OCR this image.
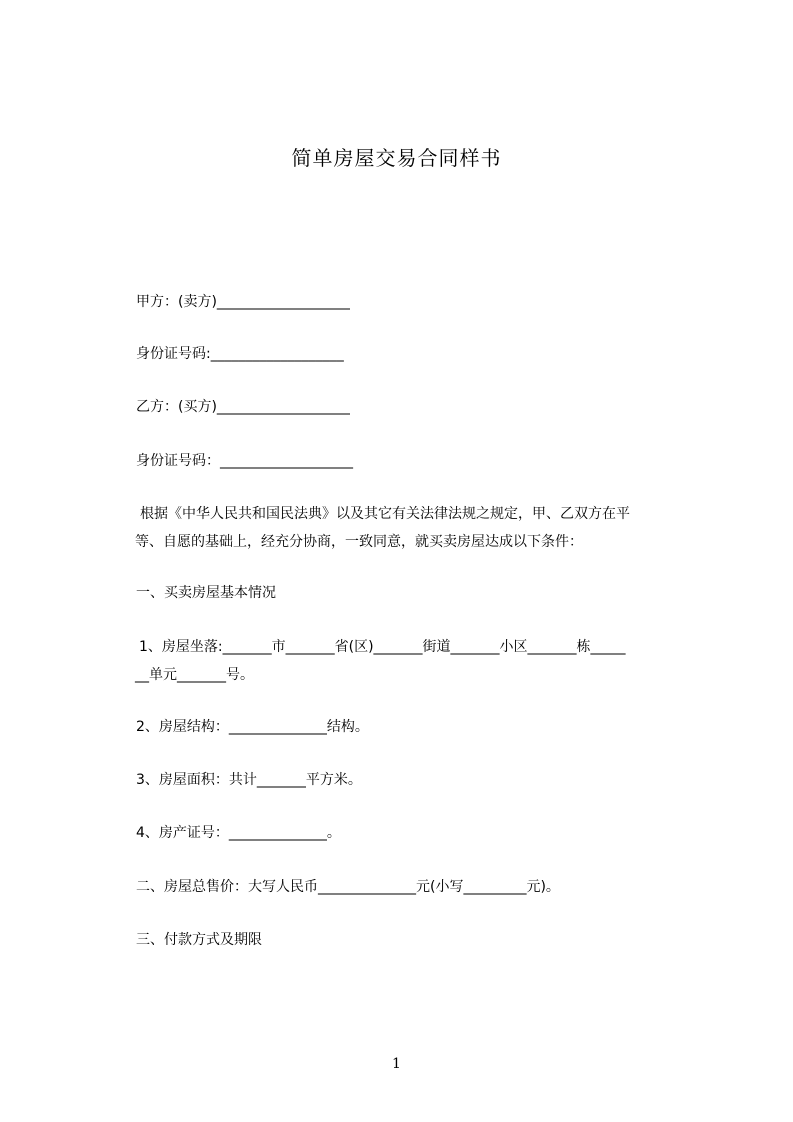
简单房屋交易合同样书
甲方：(卖方)___________________
身份证号码:___________________
乙方：(买方)___________________
身份证号码：___________________
根据《中华人民共和国民法典》以及其它有关法律法规之规定，甲、乙双方在平
等、自愿的基础上，经充分协商，一致同意，就买卖房屋达成以下条件：
一、买卖房屋基本情况
1、房屋坐落:_______市_______省(区)_______街道_______小区_______栋_____
__单元_______号。
2、房屋结构：______________结构。
3、房屋面积：共计_______平方米。
4、房产证号：______________。
二、房屋总售价：大写人民币______________元(小写_________元)。
三、付款方式及期限
1
